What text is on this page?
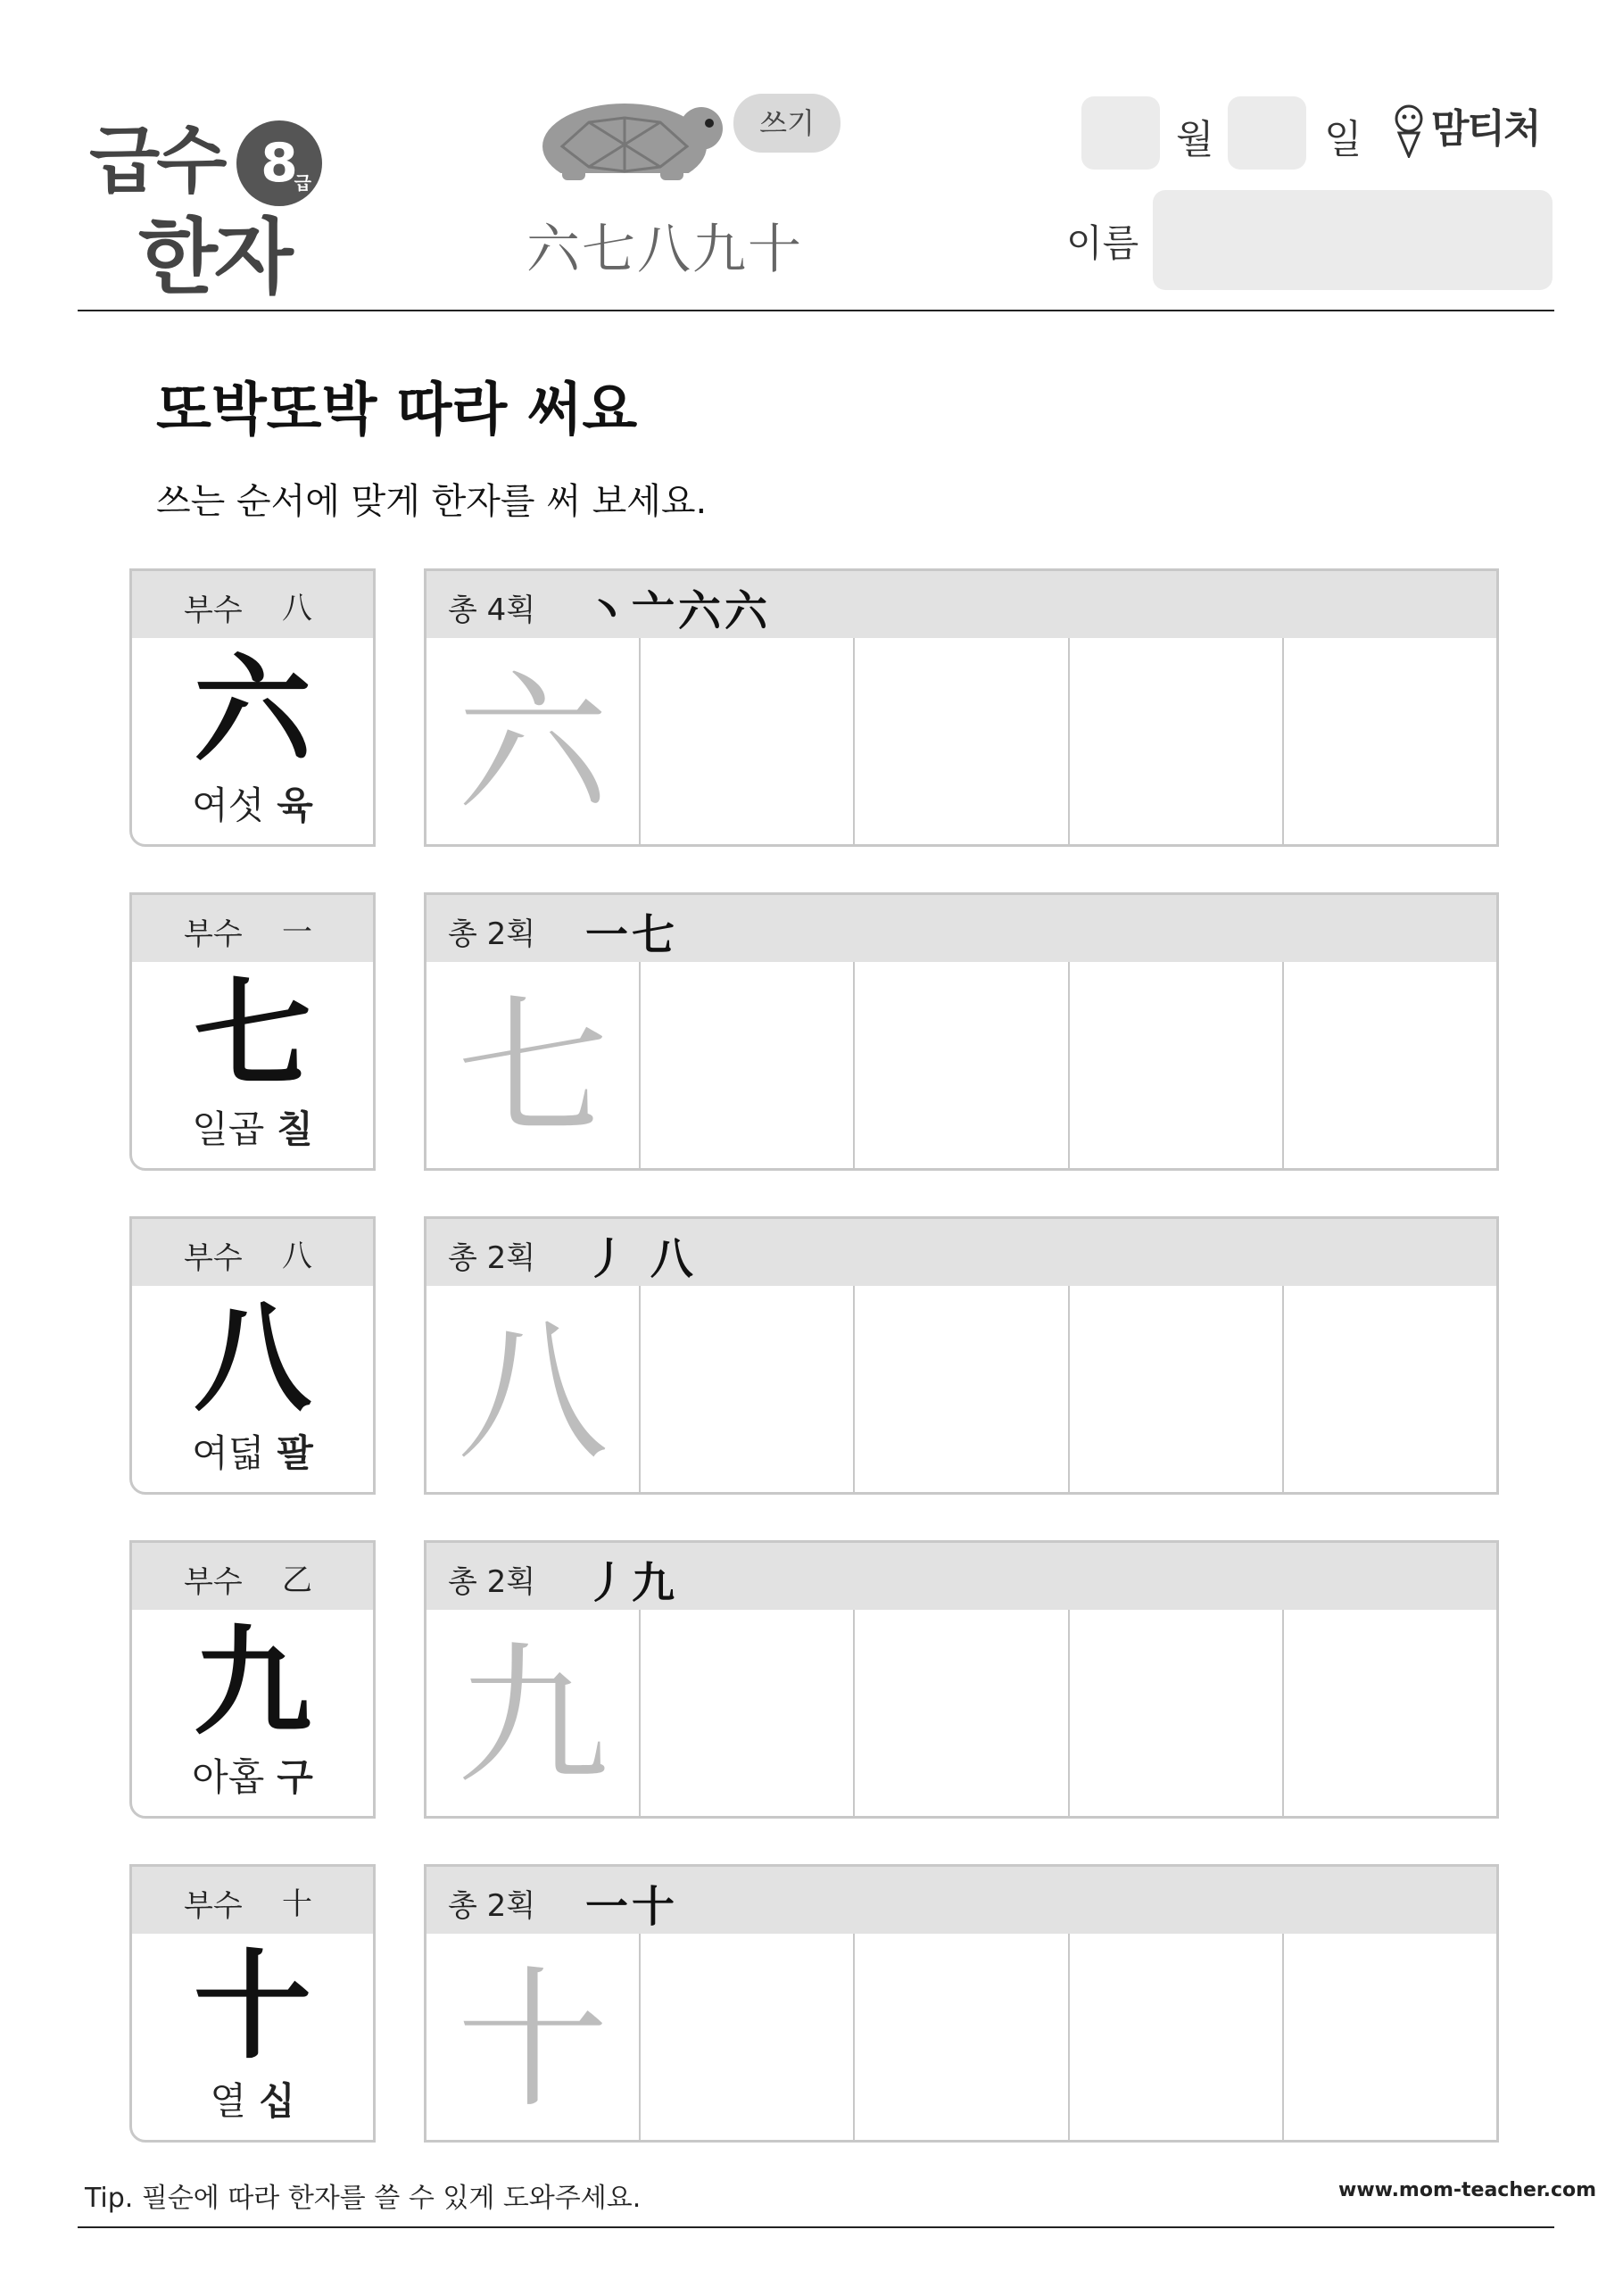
급수 8
급
한자
쓰기
六七八九十
월	일	맘티처
이름
또박또박 따라 써요
쓰는 순서에 맞게 한자를 써 보세요.
부수 八
六
여섯 육
총 4획 丶亠六六
六
부수 一
七
일곱 칠
총 2획 一七
七
부수 八
八
여덟 팔
총 2획 丿 八
八
부수 乙
九
아홉 구
총 2획 丿九
九
부수 十
十
열 십
총 2획 一十
十
Tip. 필순에 따라 한자를 쓸 수 있게 도와주세요.	www.mom-teacher.com
